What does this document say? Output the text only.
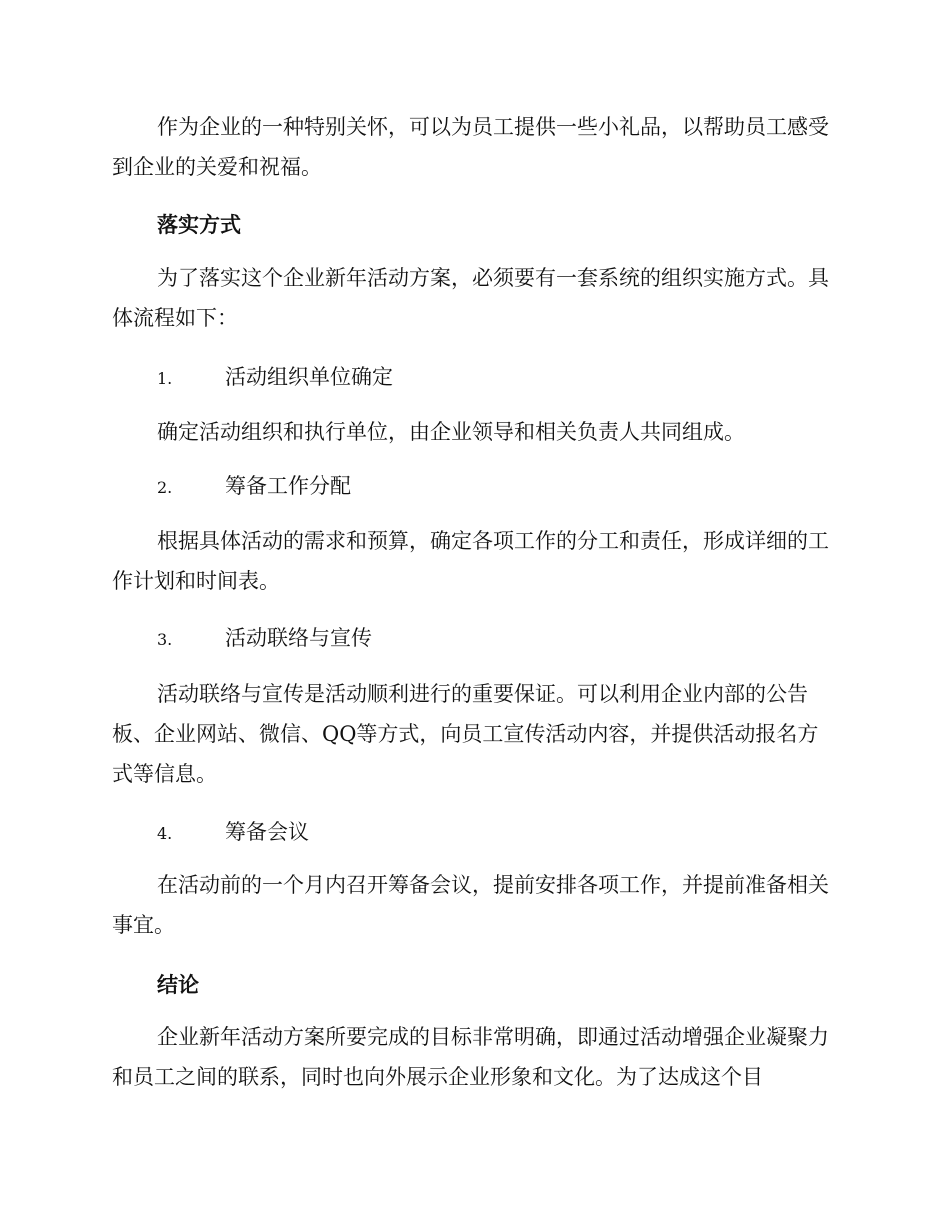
作为企业的一种特别关怀，可以为员工提供一些小礼品，以帮助员工感受到企业的关爱和祝福。

落实方式

为了落实这个企业新年活动方案，必须要有一套系统的组织实施方式。具体流程如下：

1.	活动组织单位确定

确定活动组织和执行单位，由企业领导和相关负责人共同组成。

2.	筹备工作分配

根据具体活动的需求和预算，确定各项工作的分工和责任，形成详细的工作计划和时间表。

3.	活动联络与宣传

活动联络与宣传是活动顺利进行的重要保证。可以利用企业内部的公告板、企业网站、微信、QQ等方式，向员工宣传活动内容，并提供活动报名方式等信息。

4.	筹备会议

在活动前的一个月内召开筹备会议，提前安排各项工作，并提前准备相关事宜。

结论

企业新年活动方案所要完成的目标非常明确，即通过活动增强企业凝聚力和员工之间的联系，同时也向外展示企业形象和文化。为了达成这个目
